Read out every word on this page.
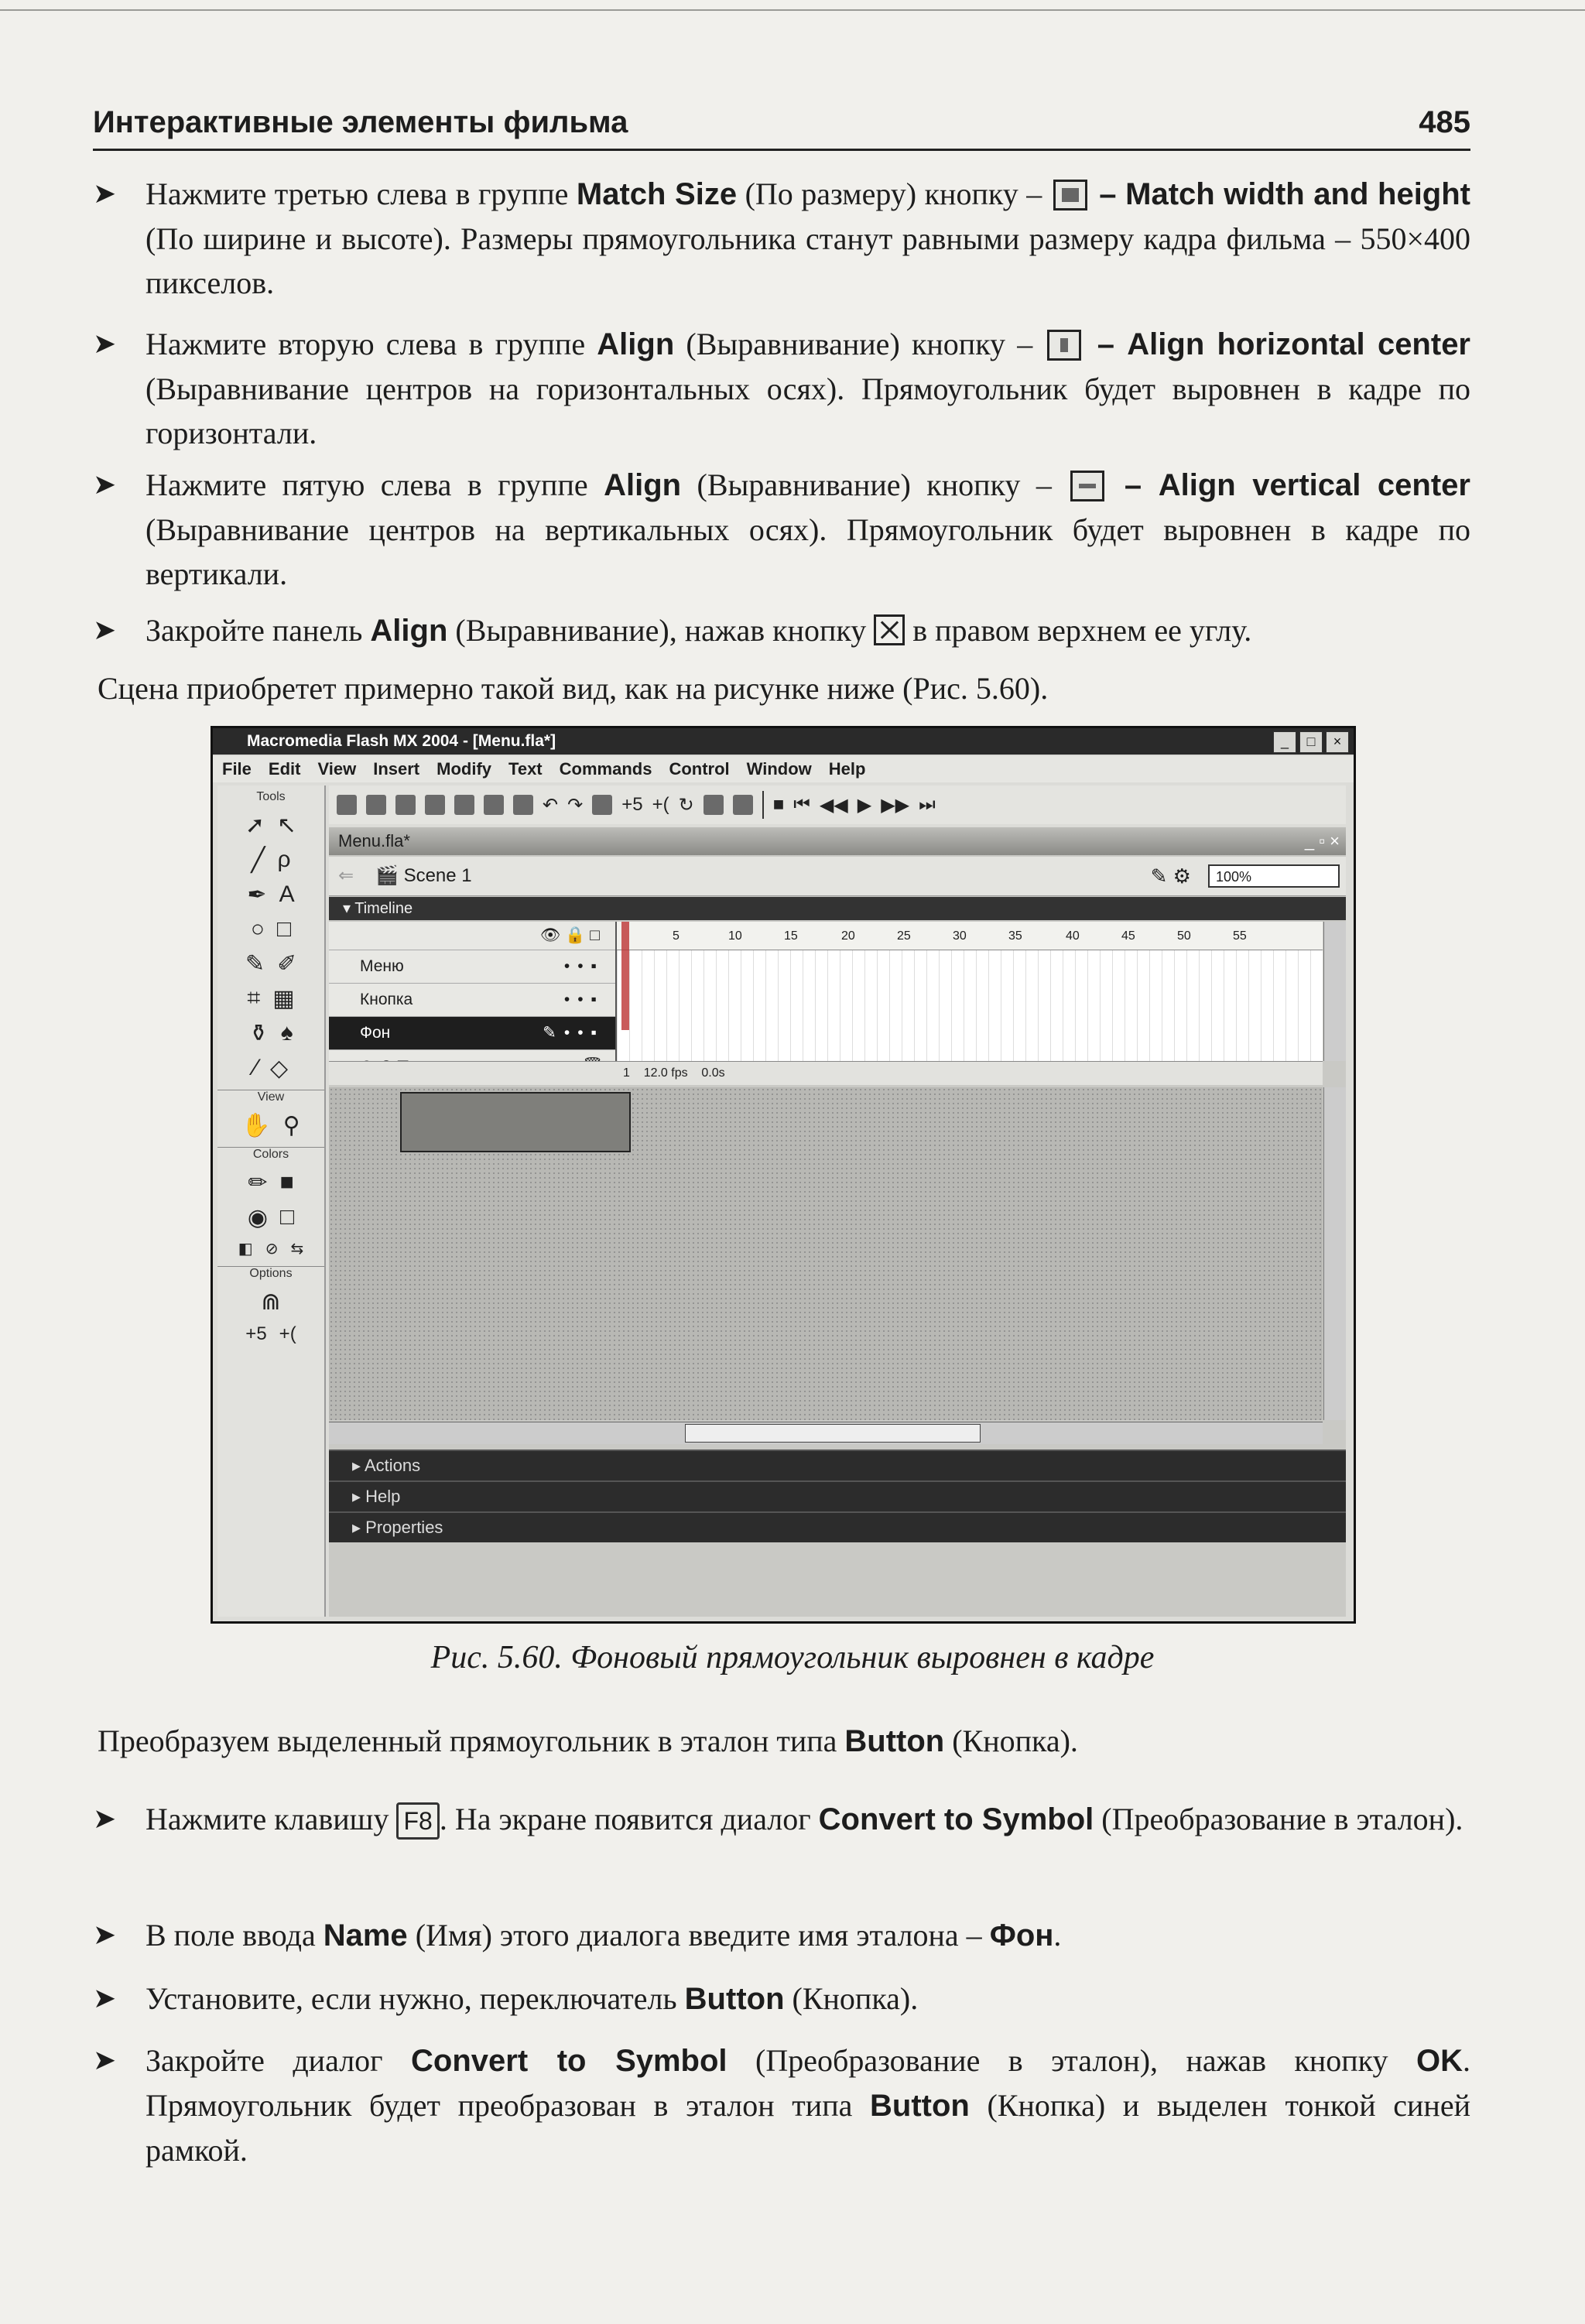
Интерактивные элементы фильма	485
➤ Нажмите третью слева в группе Match Size (По размеру) кнопку –
– Match width and height (По ширине и высоте). Размеры прямоугольника станут равными размеру кадра фильма – 550×400 пикселов.
➤ Нажмите вторую слева в группе Align (Выравнивание) кнопку –
– Align horizontal center (Выравнивание центров на горизонтальных осях). Прямоугольник будет выровнен в кадре по горизонтали.
➤ Нажмите пятую слева в группе Align (Выравнивание) кнопку –
– Align vertical center (Выравнивание центров на вертикальных осях). Прямоугольник будет выровнен в кадре по вертикали.
➤ Закройте панель Align (Выравнивание), нажав кнопку  в правом верхнем ее углу.
Сцена приобретет примерно такой вид, как на рисунке ниже (Рис. 5.60).
Macromedia Flash MX 2004 - [Menu.fla*]	_	□	×
File Edit View Insert Modify Text Commands Control Window Help
↶ ↷ +5 +( ↻	■ ⏮ ◀◀ ▶ ▶▶ ⏭
Tools
➚ ↖
╱ ρ
✒ A
○ □
✎ ✐
⌗ ▦
⚱ ♠
⁄ ◇
View
✋ ⚲
Colors
✏ ■
◉ □
◧ ⊘ ⇆
Options
⋒
+5 +(
Menu.fla*	_ ▫ ×
⇐ 🎬 Scene 1	✎ ⚙	100%
▾ Timeline
👁 🔒 □
Меню	••▪
Кнопка	••▪
Фон	✎••▪
5	10	15	20	25	30	35	40	45	50	55
1 12.0 fps 0.0s
▸ Actions
▸ Help
▸ Properties
Рис. 5.60. Фоновый прямоугольник выровнен в кадре
Преобразуем выделенный прямоугольник в эталон типа Button (Кнопка).
➤ Нажмите клавишу F8 . На экране появится диалог Convert to Symbol (Преобразование в эталон).
➤ В поле ввода Name (Имя) этого диалога введите имя эталона – Фон.
➤ Установите, если нужно, переключатель Button (Кнопка).
➤ Закройте диалог Convert to Symbol (Преобразование в эталон), нажав кнопку OK. Прямоугольник будет преобразован в эталон типа Button (Кнопка) и выделен тонкой синей рамкой.
